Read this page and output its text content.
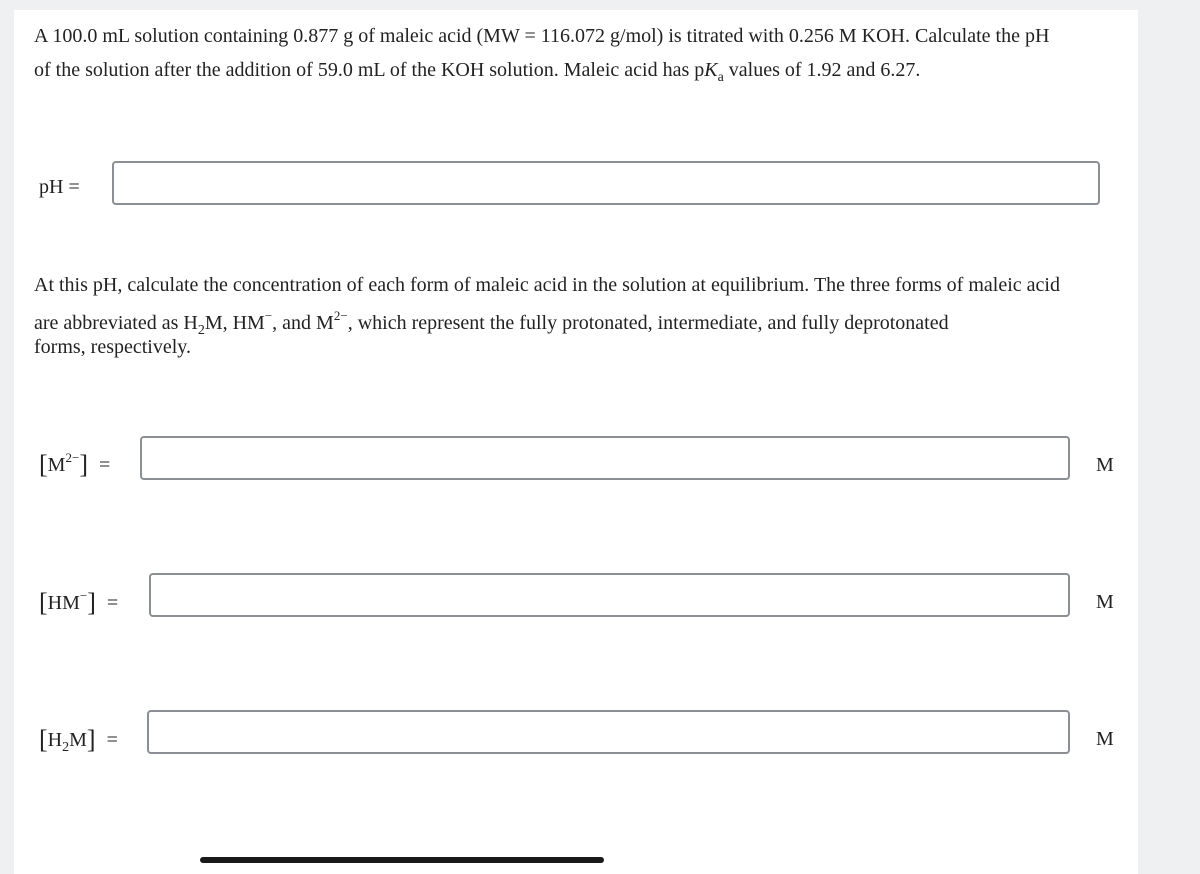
A 100.0 mL solution containing 0.877 g of maleic acid (MW = 116.072 g/mol) is titrated with 0.256 M KOH. Calculate the pH
of the solution after the addition of 59.0 mL of the KOH solution. Maleic acid has $pK_a$ values of 1.92 and 6.27.
pH =
At this pH, calculate the concentration of each form of maleic acid in the solution at equilibrium. The three forms of maleic acid
are abbreviated as $H_2M$, HM−, and $M^{2-}$, which represent the fully protonated, intermediate, and fully deprotonated
forms, respectively.
$[M^{2-}]$ =	M
[HM−] =	M
$[H_2M]$ =	M
